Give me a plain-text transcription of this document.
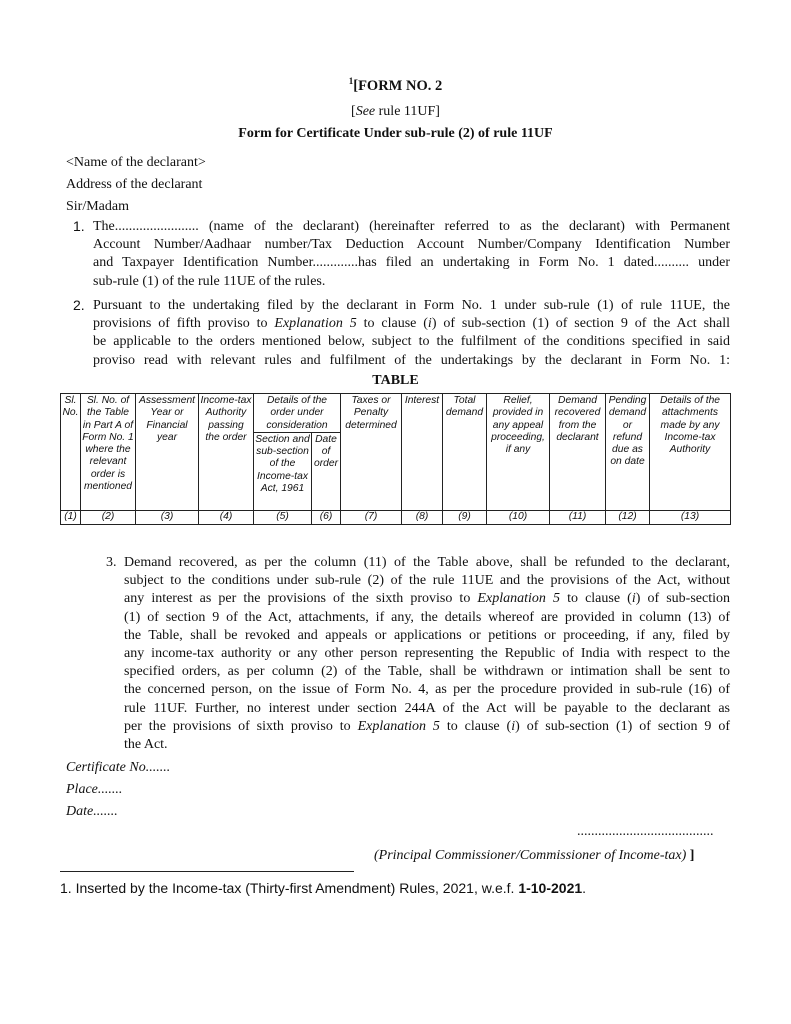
$^1$[FORM NO. 2
[See rule 11UF]
Form for Certificate Under sub-rule (2) of rule 11UF
<Name of the declarant>
Address of the declarant
Sir/Madam
1. The........................ (name of the declarant) (hereinafter referred to as the declarant) with Permanent
Account Number/Aadhaar number/Tax Deduction Account Number/Company Identification Number
and Taxpayer Identification Number.............has filed an undertaking in Form No. 1 dated.......... under
sub-rule (1) of the rule 11UE of the rules.
2. Pursuant to the undertaking filed by the declarant in Form No. 1 under sub-rule (1) of rule 11UE, the
provisions of fifth proviso to Explanation 5 to clause (i) of sub-section (1) of section 9 of the Act shall
be applicable to the orders mentioned below, subject to the fulfilment of the conditions specified in said
proviso read with relevant rules and fulfilment of the undertakings by the declarant in Form No. 1:
TABLE
Sl. No.	Sl. No. of the Table in Part A of Form No. 1 where the relevant order is mentioned	Assessment Year or Financial year	Income-tax Authority passing the order	Details of the order under consideration		Taxes or Penalty determined	Interest	Total demand	Relief, provided in any appeal proceeding, if any	Demand recovered from the declarant	Pending demand or refund due as on date	Details of the attachments made by any Income-tax Authority
				Section and sub-section of the Income-tax Act, 1961	Date of order							
(1)	(2)	(3)	(4)	(5)	(6)	(7)	(8)	(9)	(10)	(11)	(12)	(13)
3. Demand recovered, as per the column (11) of the Table above, shall be refunded to the declarant,
subject to the conditions under sub-rule (2) of the rule 11UE and the provisions of the Act, without
any interest as per the provisions of the sixth proviso to Explanation 5 to clause (i) of sub-section
(1) of section 9 of the Act, attachments, if any, the details whereof are provided in column (13) of
the Table, shall be revoked and appeals or applications or petitions or proceeding, if any, filed by
any income-tax authority or any other person representing the Republic of India with respect to the
specified orders, as per column (2) of the Table, shall be withdrawn or intimation shall be sent to
the concerned person, on the issue of Form No. 4, as per the procedure provided in sub-rule (16) of
rule 11UF. Further, no interest under section 244A of the Act will be payable to the declarant as
per the provisions of sixth proviso to Explanation 5 to clause (i) of sub-section (1) of section 9 of
the Act.
Certificate No.......
Place.......
Date.......
.......................................
(Principal Commissioner/Commissioner of Income-tax) ]
1. Inserted by the Income-tax (Thirty-first Amendment) Rules, 2021, w.e.f. 1-10-2021.
